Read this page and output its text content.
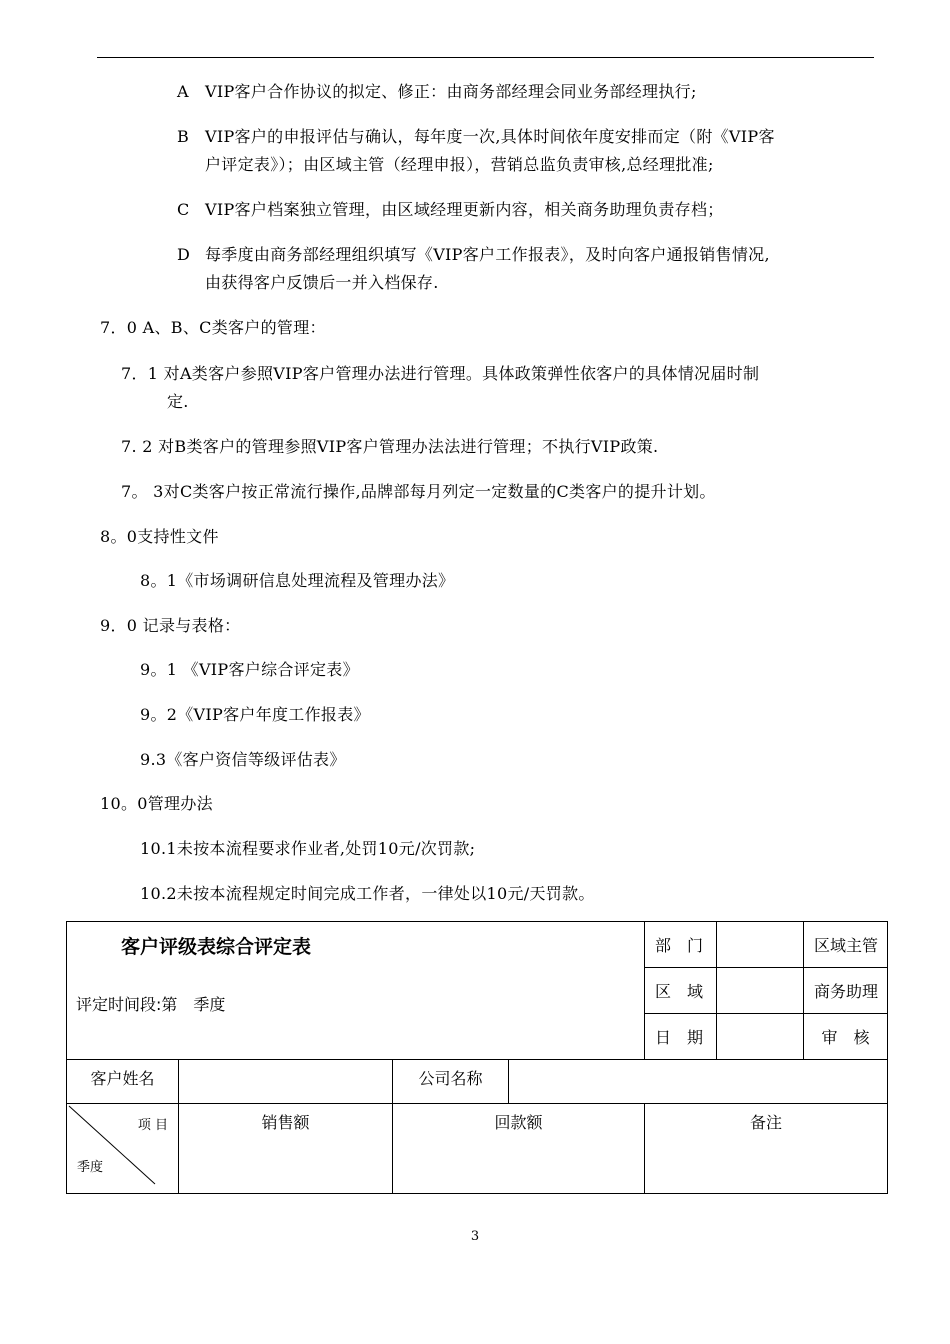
A VIP客户合作协议的拟定、修正：由商务部经理会同业务部经理执行;
B VIP客户的申报评估与确认，每年度一次,具体时间依年度安排而定（附《VIP客
户评定表》）；由区域主管（经理申报），营销总监负责审核,总经理批准;
C VIP客户档案独立管理，由区域经理更新内容，相关商务助理负责存档；
D 每季度由商务部经理组织填写《VIP客户工作报表》，及时向客户通报销售情况,
由获得客户反馈后一并入档保存.
7．0 A、B、C类客户的管理：
7．1 对A类客户参照VIP客户管理办法进行管理。具体政策弹性依客户的具体情况届时制
定.
7. 2 对B类客户的管理参照VIP客户管理办法法进行管理；不执行VIP政策.
7。 3对C类客户按正常流行操作,品牌部每月列定一定数量的C类客户的提升计划。
8。0支持性文件
8。1《市场调研信息处理流程及管理办法》
9．0 记录与表格：
9。1 《VIP客户综合评定表》
9。2《VIP客户年度工作报表》
9.3《客户资信等级评估表》
10。0管理办法
10.1未按本流程要求作业者,处罚10元/次罚款;
10.2未按本流程规定时间完成工作者，一律处以10元/天罚款。
客户评级表综合评定表
评定时间段:第　季度				部　门		区域主管
				区　域		商务助理
				日　期		审　核
客户姓名		公司名称				

项 目
季度	销售额	回款额		备注		
3
